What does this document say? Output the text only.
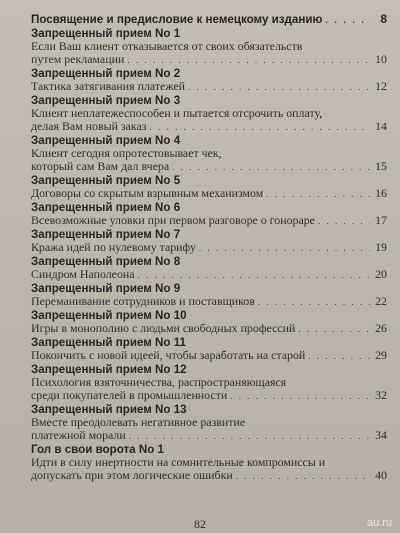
Посвящение и предисловие к немецкому изданию . . .	8
Запрещенный прием No 1
Если Ваш клиент отказывается от своих обязательств
путем рекламации . . .	10
Запрещенный прием No 2
Тактика затягивания платежей . . .	12
Запрещенный прием No 3
Клиент неплатежеспособен и пытается отсрочить оплату,
делая Вам новый заказ . . .	14
Запрещенный прием No 4
Клиент сегодня опротестовывает чек,
который сам Вам дал вчера . . .	15
Запрещенный прием No 5
Договоры со скрытым взрывным механизмом . . .	16
Запрещенный прием No 6
Всевозможные уловки при первом разговоре о гонораре . . .	17
Запрещенный прием No 7
Кража идей по нулевому тарифу . . .	19
Запрещенный прием No 8
Синдром Наполеона . . .	20
Запрещенный прием No 9
Переманивание сотрудников и поставщиков . . .	22
Запрещенный прием No 10
Игры в монополию с людьми свободных профессий . . .	26
Запрещенный прием No 11
Покончить с новой идеей, чтобы заработать на старой . . .	29
Запрещенный прием No 12
Психология взяточничества, распространяющаяся
среди покупателей в промышленности . . .	32
Запрещенный прием No 13
Вместе преодолевать негативное развитие
платежной морали . . .	34
Гол в свои ворота No 1
Идти в силу инертности на сомнительные компромиссы и
допускать при этом логические ошибки . . .	40
82	au.ru
